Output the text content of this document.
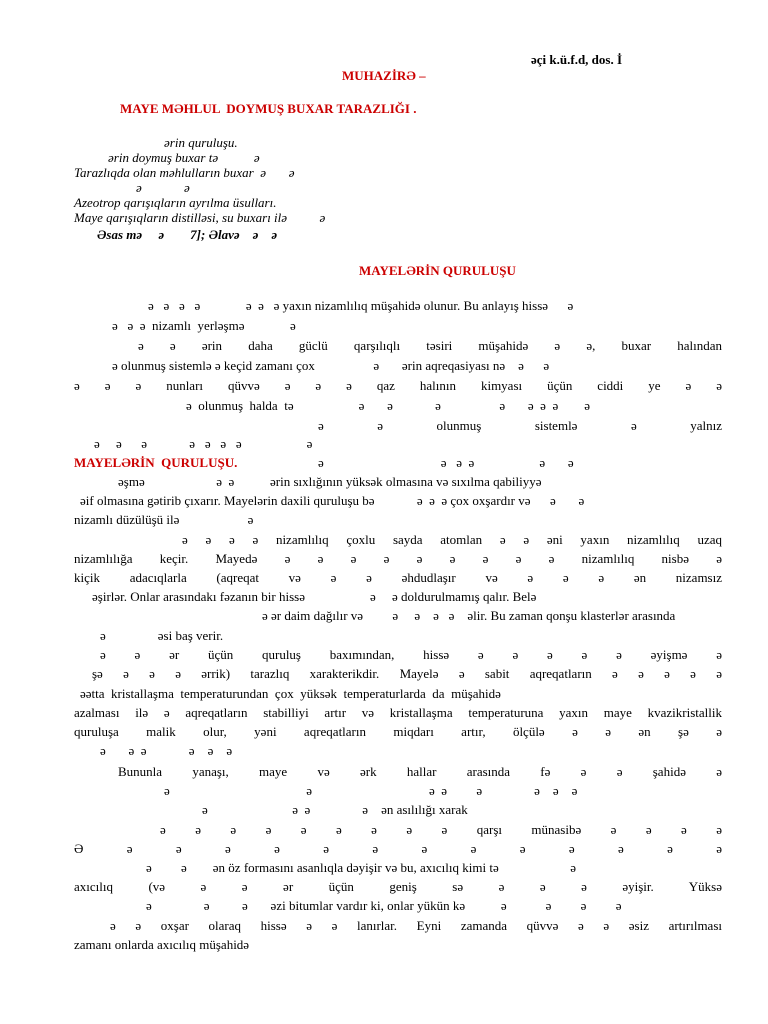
əçi k.ü.f.d, dos. İ
MUHAZİRƏ –
MAYE MƏHLUL  DOYMUŞ BUXAR TARAZLIĞI .
ərin quruluşu.
ərin doymuş buxar tə           ə
Tarazlıqda olan məhlulların buxar  ə       ə
ə             ə
Azeotrop qarışıqların ayrılma üsulları.
Maye qarışıqların distilləsi, su buxarı ilə          ə
Əsas mə     ə        7]; Əlavə    ə    ə
MAYELƏRİN QURULUŞU
ə   ə   ə   ə              ə  ə   ə yaxın nizamlılıq müşahidə olunur. Bu anlayış hissə      ə
ə   ə  ə  nizamlı  yerləşmə              ə
ə ə ərin daha güclü qarşılıqlı təsiri müşahidə ə ə, buxar halından
ə olunmuş sistemlə ə keçid zamanı çox                  ə       ərin aqreqasiyası nə    ə      ə
ə ə ə nunları qüvvə ə ə ə qaz halının kimyası üçün ciddi ye ə ə
ə  olunmuş  halda  tə                    ə       ə             ə                  ə       ə  ə  ə        ə
ə ə olunmuş sistemlə ə yalnız
ə     ə      ə             ə   ə   ə   ə                    ə
MAYELƏRİN  QURULUŞU.	ə                                    ə   ə  ə                    ə       ə
əşmə                      ə  ə           ərin sıxlığının yüksək olmasına və sıxılma qabiliyyə
əif olmasına gətirib çıxarır. Mayelərin daxili quruluşu bə             ə  ə  ə çox oxşardır və      ə       ə
nizamlı düzülüşü ilə                     ə
ə ə ə ə nizamlılıq çoxlu sayda atomlan ə ə əni yaxın nizamlılıq uzaq
nizamlılığa keçir. Mayedə ə ə ə ə ə ə ə ə ə nizamlılıq nisbə ə
kiçik adacıqlarla (aqreqat və ə ə əhdudlaşır və ə ə ə ən nizamsız
əşirlər. Onlar arasındakı fəzanın bir hissə                    ə     ə doldurulmamış qalır. Belə
ə ər daim dağılır və         ə     ə    ə   ə    əlir. Bu zaman qonşu klasterlər arasında
ə                əsi baş verir.
ə ə ər üçün quruluş baxımından, hissə ə ə ə ə ə əyişmə ə
şə ə ə ə ərrik) tarazlıq xarakterikdir. Mayelə ə sabit aqreqatların ə ə ə ə ə
əətta  kristallaşma  temperaturundan  çox  yüksək  temperaturlarda  da  müşahidə
azalması ilə ə aqreqatların stabilliyi artır və kristallaşma temperaturuna yaxın maye kvazikristallik
quruluşa malik olur, yəni aqreqatların miqdarı artır, ölçülə ə ə ən şə ə
ə       ə  ə             ə    ə    ə
Bununla yanaşı, maye və ərk hallar arasında fə ə ə şahidə ə
ə                                          ə                                    ə  ə         ə                ə    ə    ə
ə                          ə  ə                ə    ən asılılığı xarak
ə ə ə ə ə ə ə ə ə qarşı münasibə ə ə ə ə
Ə ə ə ə ə ə ə ə ə ə ə ə ə ə
ə         ə        ən öz formasını asanlıqla dəyişir və bu, axıcılıq kimi tə                      ə
axıcılıq (və ə ə ər üçün geniş sə ə ə ə əyişir. Yüksə
ə                ə          ə       əzi bitumlar vardır ki, onlar yükün kə           ə            ə         ə         ə
ə ə oxşar olaraq hissə ə ə lanırlar. Eyni zamanda qüvvə ə ə əsiz artırılması
zamanı onlarda axıcılıq müşahidə
